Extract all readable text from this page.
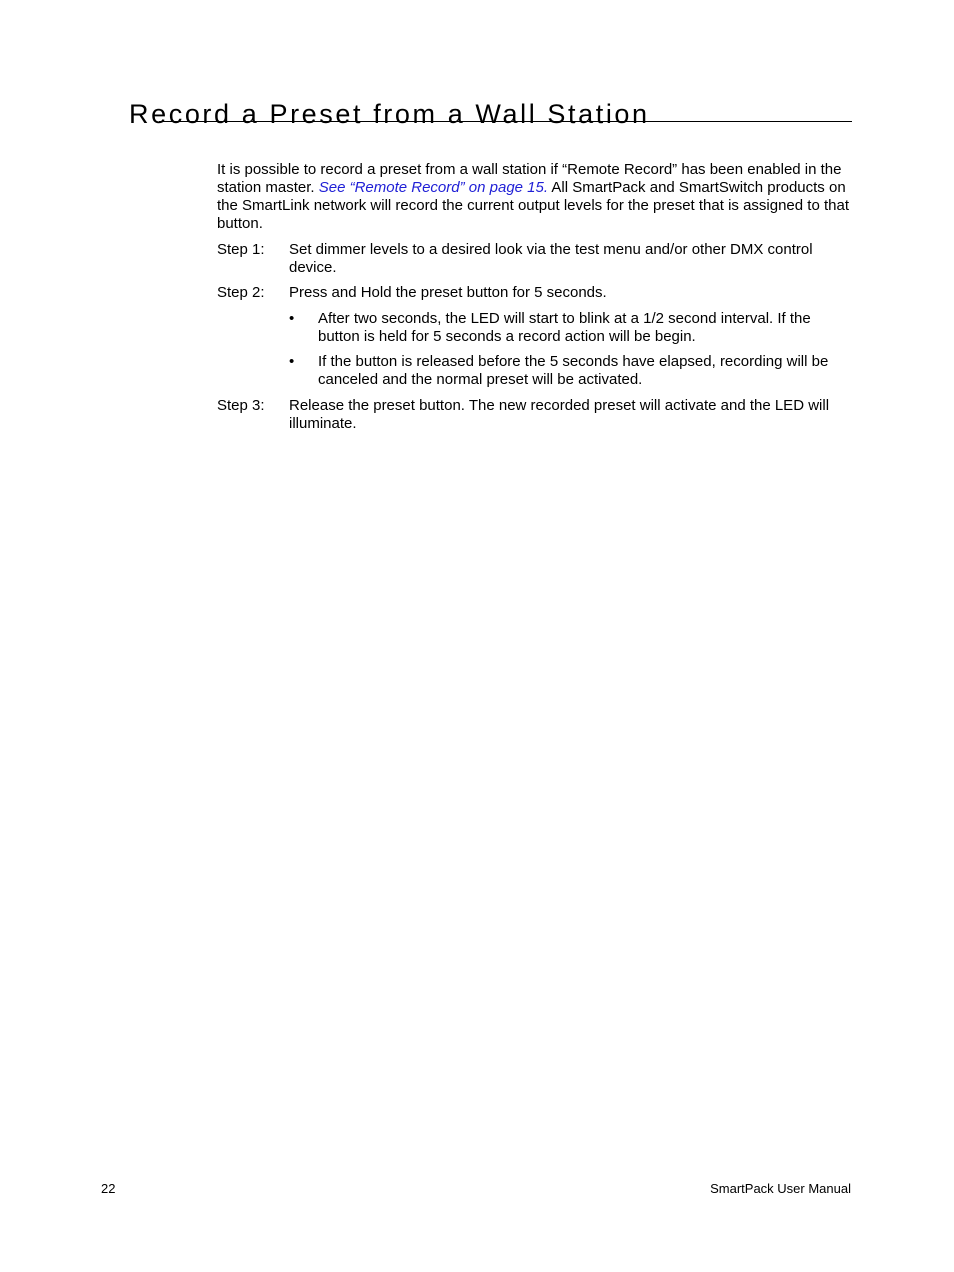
Record a Preset from a Wall Station

It is possible to record a preset from a wall station if “Remote Record” has been enabled in the station master. See “Remote Record” on page 15. All SmartPack and SmartSwitch products on the SmartLink network will record the current output levels for the preset that is assigned to that button.

Step 1: Set dimmer levels to a desired look via the test menu and/or other DMX control device.
Step 2: Press and Hold the preset button for 5 seconds.
• After two seconds, the LED will start to blink at a 1/2 second interval. If the button is held for 5 seconds a record action will be begin.
• If the button is released before the 5 seconds have elapsed, recording will be canceled and the normal preset will be activated.
Step 3: Release the preset button. The new recorded preset will activate and the LED will illuminate.
22	SmartPack User Manual
